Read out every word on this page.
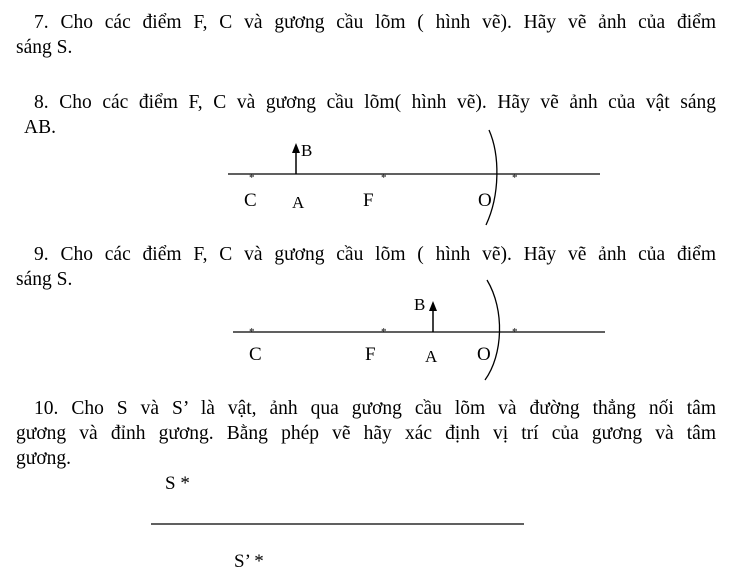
7. Cho các điểm F, C và gương cầu lõm ( hình vẽ). Hãy vẽ ảnh của điểm
sáng S.
8. Cho các điểm F, C và gương cầu lõm( hình vẽ). Hãy vẽ ảnh của vật sáng
AB.
9. Cho các điểm F, C và gương cầu lõm ( hình vẽ). Hãy vẽ ảnh của điểm
sáng S.
10. Cho S và S’ là vật, ảnh qua gương cầu lõm và đường thẳng nối tâm
gương và đỉnh gương. Bằng phép vẽ hãy xác định vị trí của gương và tâm
gương.
*	*	*
B
C A	F	O
*	*	*
B
C	F	A O
S *
S’ *
